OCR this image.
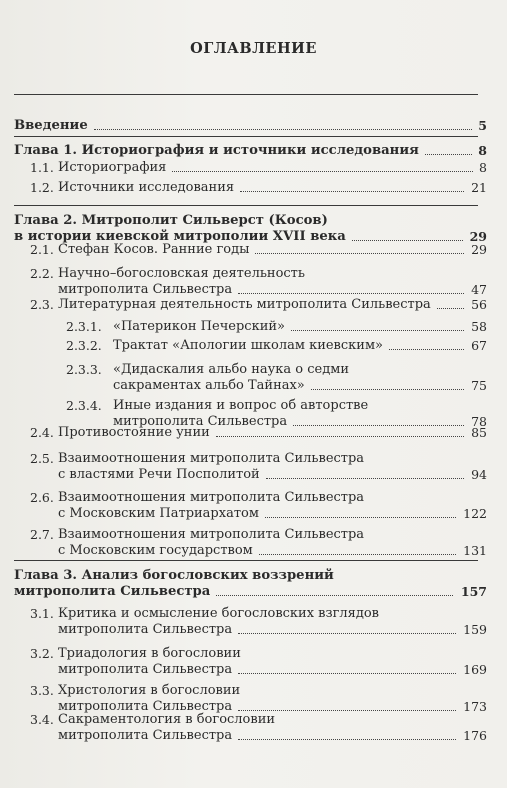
ОГЛАВЛЕНИЕ
Введение	5
Глава 1. Историография и источники исследования	8
1.1. Историография	8
1.2. Источники исследования	21
Глава 2. Митрополит Сильверст (Косов)
в истории киевской митрополии XVII века	29
2.1. Стефан Косов. Ранние годы	29
2.2. Научно–богословская деятельность
митрополита Сильвестра	47
2.3. Литературная деятельность митрополита Сильвестра	56
2.3.1. «Патерикон Печерский»	58
2.3.2. Трактат «Апологии школам киевским»	67
2.3.3. «Дидаскалия альбо наука о седми
сакраментах альбо Тайнах»	75
2.3.4. Иные издания и вопрос об авторстве
митрополита Сильвестра	78
2.4. Противостояние унии	85
2.5. Взаимоотношения митрополита Сильвестра
с властями Речи Посполитой	94
2.6. Взаимоотношения митрополита Сильвестра
с Московским Патриархатом	122
2.7. Взаимоотношения митрополита Сильвестра
с Московским государством	131
Глава 3. Анализ богословских воззрений
митрополита Сильвестра	157
3.1. Критика и осмысление богословских взглядов
митрополита Сильвестра	159
3.2. Триадология в богословии
митрополита Сильвестра	169
3.3. Христология в богословии
митрополита Сильвестра	173
3.4. Сакраментология в богословии
митрополита Сильвестра	176
